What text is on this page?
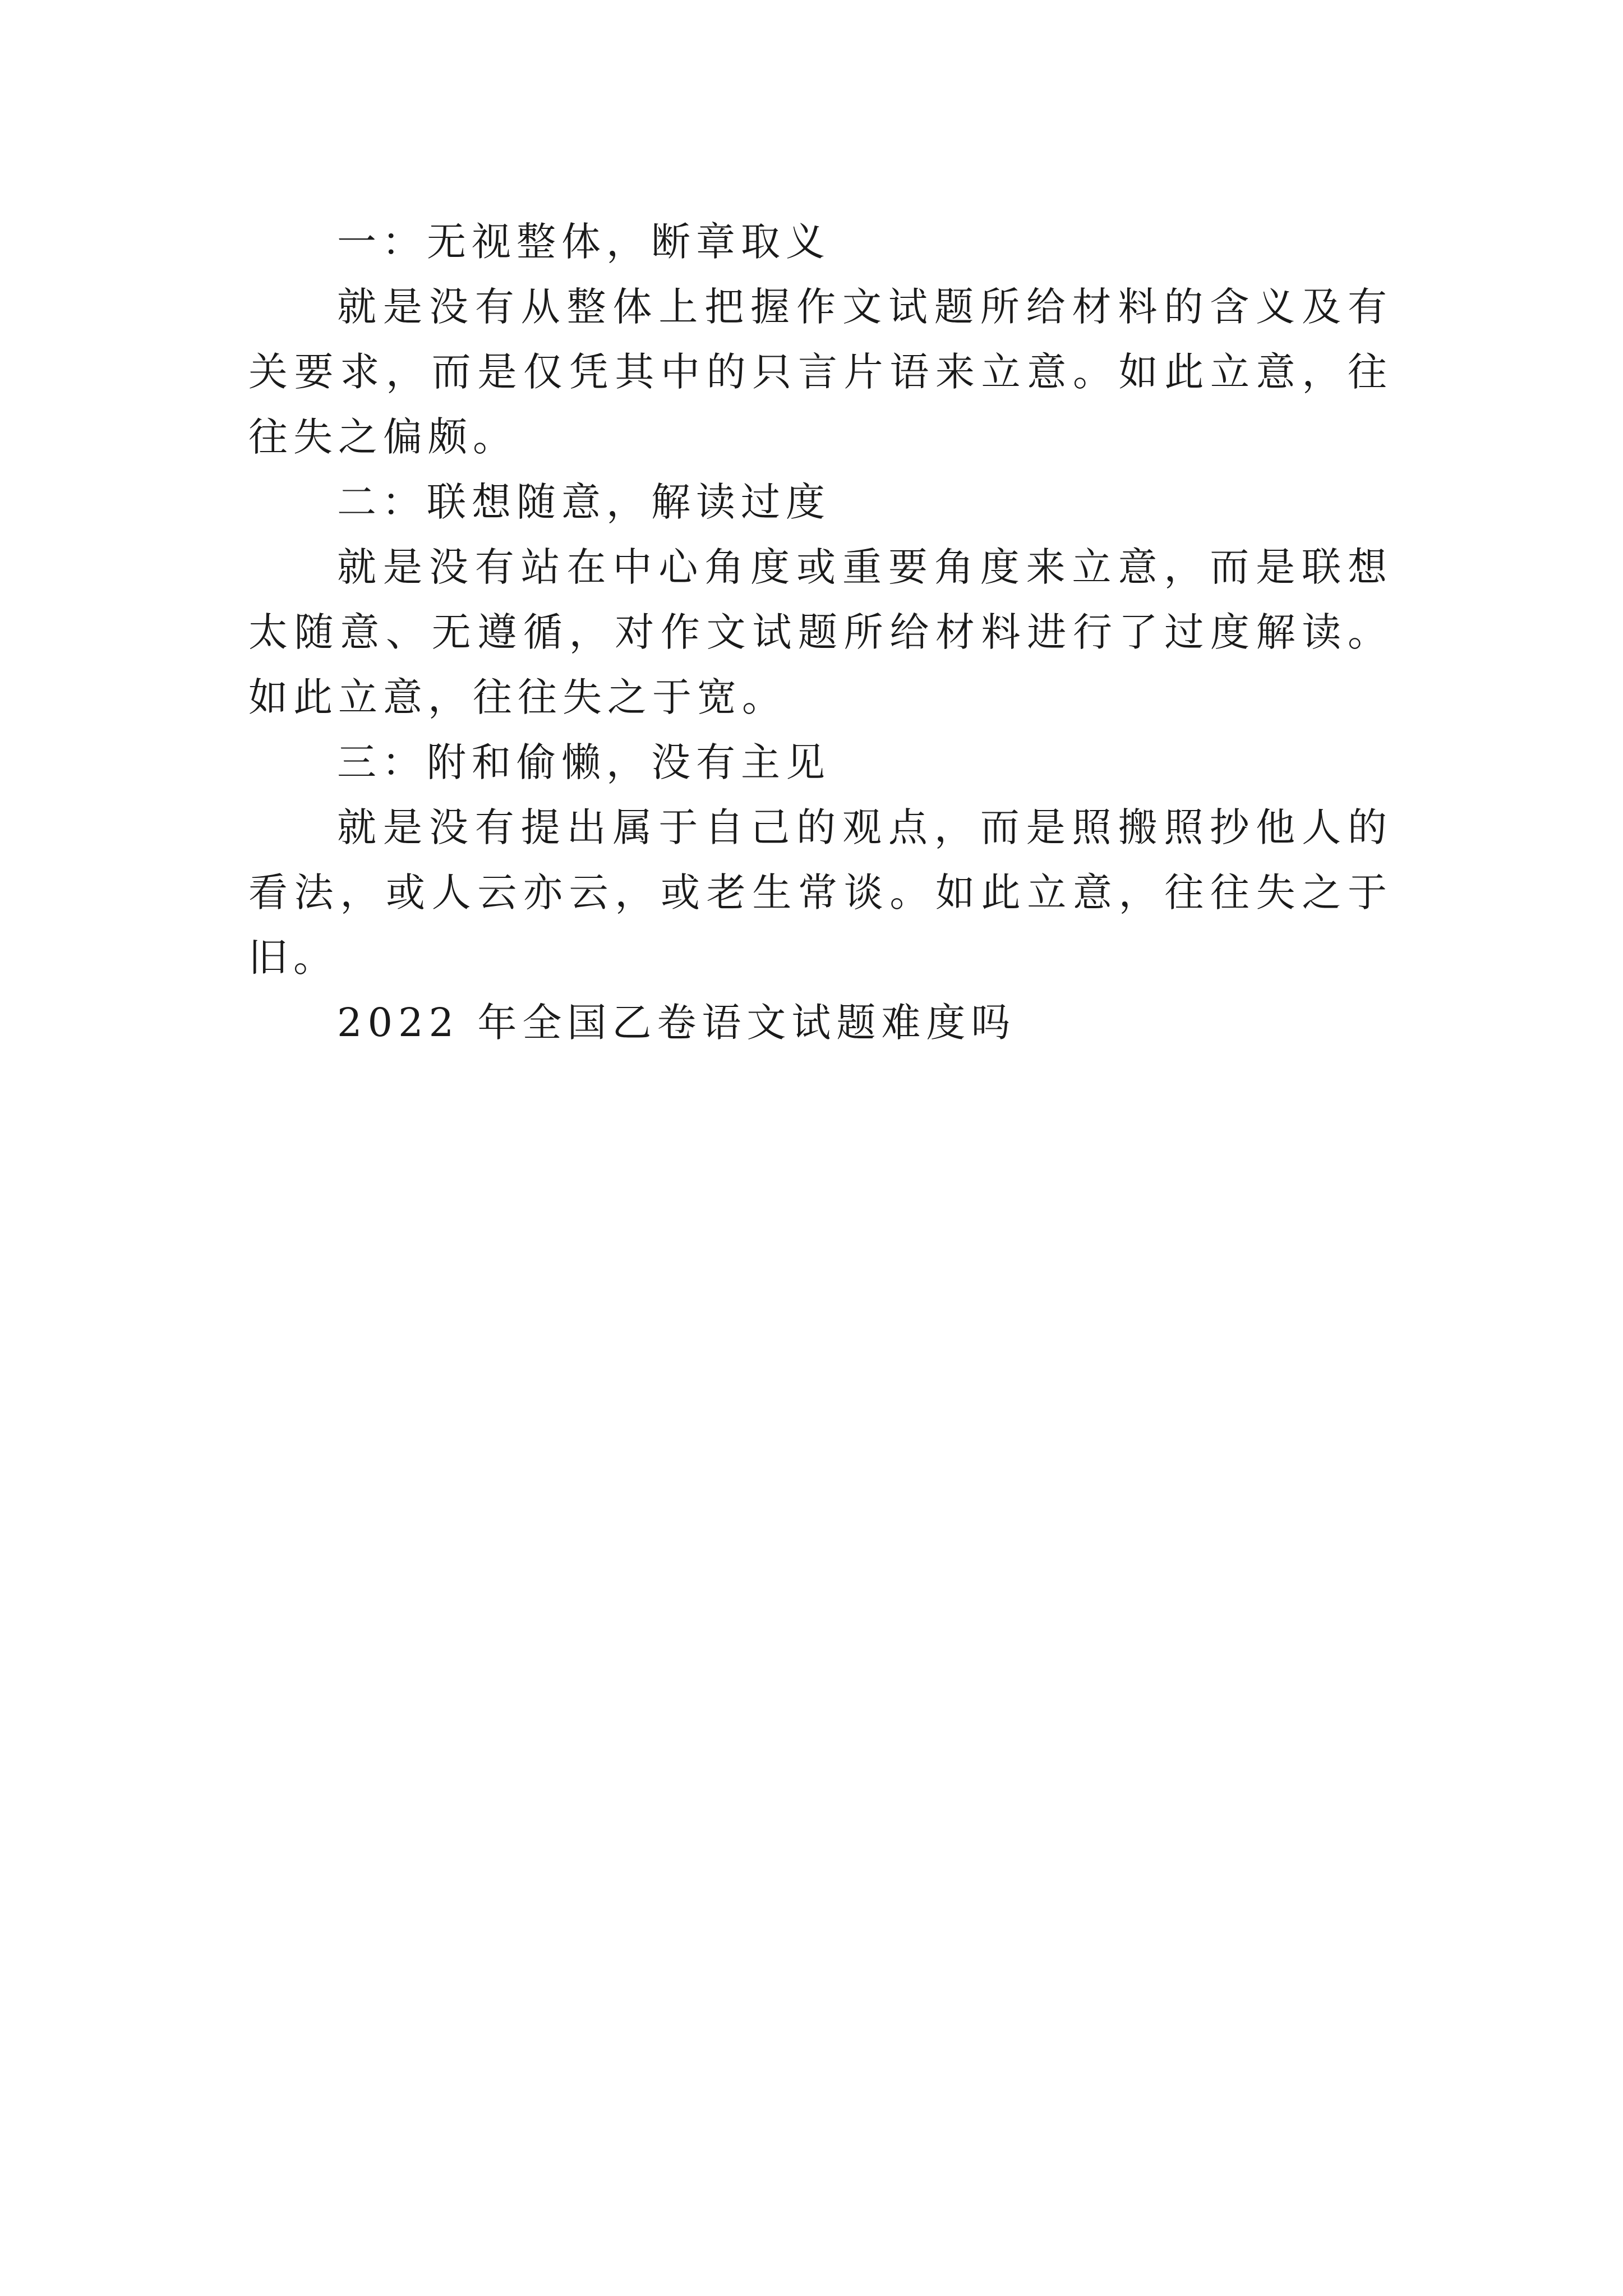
一：无视整体，断章取义

就是没有从整体上把握作文试题所给材料的含义及有关要求，而是仅凭其中的只言片语来立意。如此立意，往往失之偏颇。

二：联想随意，解读过度

就是没有站在中心角度或重要角度来立意，而是联想太随意、无遵循，对作文试题所给材料进行了过度解读。如此立意，往往失之于宽。

三：附和偷懒，没有主见

就是没有提出属于自己的观点，而是照搬照抄他人的看法，或人云亦云，或老生常谈。如此立意，往往失之于旧。

2022 年全国乙卷语文试题难度吗
